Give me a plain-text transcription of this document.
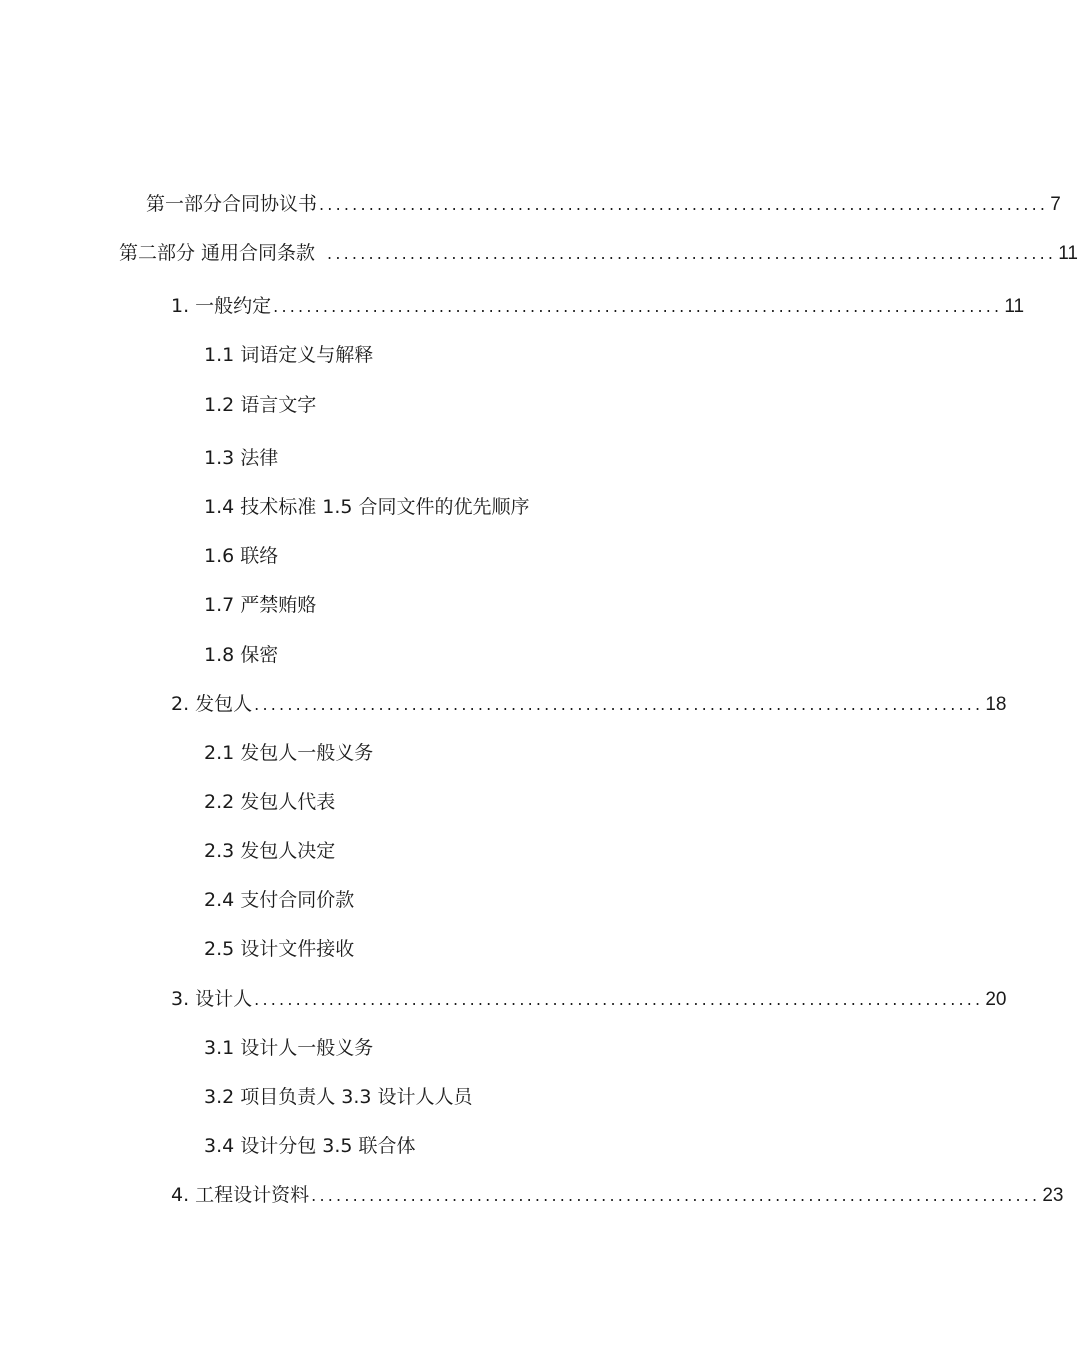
第一部分合同协议书 ........................................................................................ 7
第二部分 通用合同条款 ........................................................................................ 11
1. 一般约定 ........................................................................................ 11
1.1 词语定义与解释
1.2 语言文字
1.3 法律
1.4 技术标准 1.5 合同文件的优先顺序
1.6 联络
1.7 严禁贿赂
1.8 保密
2. 发包人 ........................................................................................ 18
2.1 发包人一般义务
2.2 发包人代表
2.3 发包人决定
2.4 支付合同价款
2.5 设计文件接收
3. 设计人 ........................................................................................ 20
3.1 设计人一般义务
3.2 项目负责人 3.3 设计人人员
3.4 设计分包 3.5 联合体
4. 工程设计资料 ........................................................................................ 23
